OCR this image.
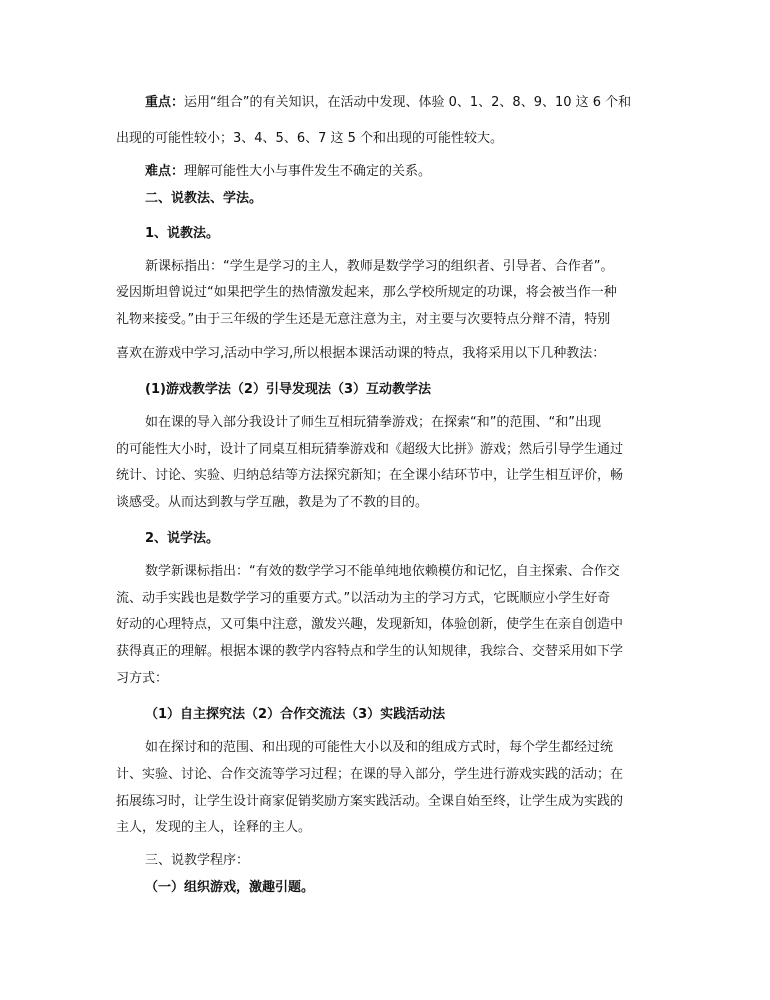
重点：运用“组合”的有关知识，在活动中发现、体验 0、1、2、8、9、10 这 6 个和
出现的可能性较小；3、4、5、6、7 这 5 个和出现的可能性较大。
难点：理解可能性大小与事件发生不确定的关系。
二、说教法、学法。
1、说教法。
新课标指出：“学生是学习的主人，教师是数学学习的组织者、引导者、合作者”。
爱因斯坦曾说过“如果把学生的热情激发起来，那么学校所规定的功课，将会被当作一种
礼物来接受。”由于三年级的学生还是无意注意为主，对主要与次要特点分辩不清，特别
喜欢在游戏中学习,活动中学习,所以根据本课活动课的特点，我将采用以下几种教法：
(1)游戏教学法（2）引导发现法（3）互动教学法
如在课的导入部分我设计了师生互相玩猜拳游戏；在探索“和”的范围、“和”出现
的可能性大小时，设计了同桌互相玩猜拳游戏和《超级大比拼》游戏；然后引导学生通过
统计、讨论、实验、归纳总结等方法探究新知；在全课小结环节中，让学生相互评价，畅
谈感受。从而达到教与学互融，教是为了不教的目的。
2、说学法。
数学新课标指出：“有效的数学学习不能单纯地依赖模仿和记忆，自主探索、合作交
流、动手实践也是数学学习的重要方式。”以活动为主的学习方式，它既顺应小学生好奇
好动的心理特点，又可集中注意，激发兴趣，发现新知，体验创新，使学生在亲自创造中
获得真正的理解。根据本课的教学内容特点和学生的认知规律，我综合、交替采用如下学
习方式：
（1）自主探究法（2）合作交流法（3）实践活动法
如在探讨和的范围、和出现的可能性大小以及和的组成方式时，每个学生都经过统
计、实验、讨论、合作交流等学习过程；在课的导入部分，学生进行游戏实践的活动；在
拓展练习时，让学生设计商家促销奖励方案实践活动。全课自始至终，让学生成为实践的
主人，发现的主人，诠释的主人。
三、说教学程序：
（一）组织游戏，激趣引题。
